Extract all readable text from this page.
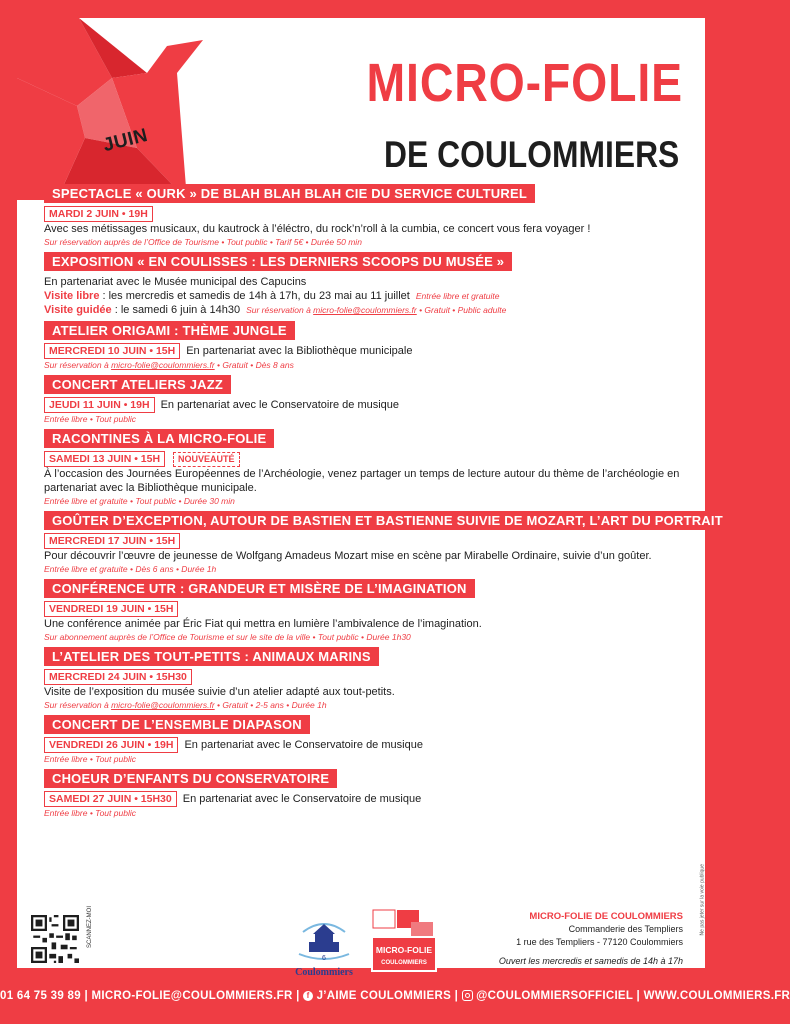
JUIN
MICRO-FOLIE
DE COULOMMIERS
SPECTACLE « OURK » DE BLAH BLAH BLAH CIE DU SERVICE CULTUREL
MARDI 2 JUIN • 19H
Avec ses métissages musicaux, du kautrock à l’éléctro, du rock’n’roll à la cumbia, ce concert vous fera voyager !
Sur réservation auprès de l’Office de Tourisme • Tout public • Tarif 5€ • Durée 50 min
EXPOSITION « EN COULISSES : LES DERNIERS SCOOPS DU MUSÉE »
En partenariat avec le Musée municipal des Capucins
Visite libre : les mercredis et samedis de 14h à 17h, du 23 mai au 11 juillet Entrée libre et gratuite
Visite guidée : le samedi 6 juin à 14h30 Sur réservation à micro-folie@coulommiers.fr • Gratuit • Public adulte
ATELIER ORIGAMI : THÈME JUNGLE
MERCREDI 10 JUIN • 15H	En partenariat avec la Bibliothèque municipale
Sur réservation à micro-folie@coulommiers.fr • Gratuit • Dès 8 ans
CONCERT ATELIERS JAZZ
JEUDI 11 JUIN • 19H	En partenariat avec le Conservatoire de musique
Entrée libre • Tout public
RACONTINES À LA MICRO-FOLIE
SAMEDI 13 JUIN • 15H	NOUVEAUTÉ
À l’occasion des Journées Européennes de l’Archéologie, venez partager un temps de lecture autour du thème de l’archéologie en partenariat avec la Bibliothèque municipale.
Entrée libre et gratuite • Tout public • Durée 30 min
GOÛTER D’EXCEPTION, AUTOUR DE BASTIEN ET BASTIENNE SUIVIE DE MOZART, L’ART DU PORTRAIT
MERCREDI 17 JUIN • 15H
Pour découvrir l’œuvre de jeunesse de Wolfgang Amadeus Mozart mise en scène par Mirabelle Ordinaire, suivie d’un goûter.
Entrée libre et gratuite • Dès 6 ans • Durée 1h
CONFÉRENCE UTR : GRANDEUR ET MISÈRE DE L’IMAGINATION
VENDREDI 19 JUIN • 15H
Une conférence animée par Éric Fiat qui mettra en lumière l’ambivalence de l’imagination.
Sur abonnement auprès de l’Office de Tourisme et sur le site de la ville • Tout public • Durée 1h30
L’ATELIER DES TOUT-PETITS : ANIMAUX MARINS
MERCREDI 24 JUIN • 15H30
Visite de l’exposition du musée suivie d’un atelier adapté aux tout-petits.
Sur réservation à micro-folie@coulommiers.fr • Gratuit • 2-5 ans • Durée 1h
CONCERT DE L’ENSEMBLE DIAPASON
VENDREDI 26 JUIN • 19H	En partenariat avec le Conservatoire de musique
Entrée libre • Tout public
CHOEUR D’ENFANTS DU CONSERVATOIRE
SAMEDI 27 JUIN • 15H30	En partenariat avec le Conservatoire de musique
Entrée libre • Tout public
SCANNEZ-MOI
6
Coulommiers
MICRO-FOLIE
COULOMMIERS
MICRO-FOLIE DE COULOMMIERS
Commanderie des Templiers
1 rue des Templiers - 77120 Coulommiers
Ouvert les mercredis et samedis de 14h à 17h
Ne pas jeter sur la voie publique
01 64 75 39 89 | MICRO-FOLIE@COULOMMIERS.FR | f J’AIME COULOMMIERS | @COULOMMIERSOFFICIEL | WWW.COULOMMIERS.FR
